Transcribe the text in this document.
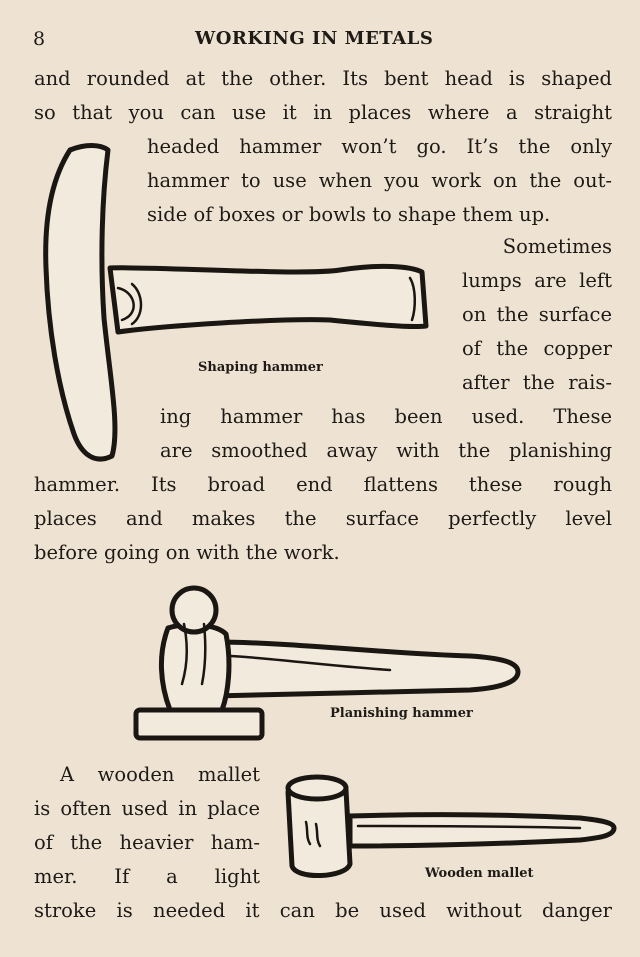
8	WORKING IN METALS
and rounded at the other. Its bent head is shaped
so that you can use it in places where a straight
headed hammer won’t go. It’s the only
hammer to use when you work on the out-
side of boxes or bowls to shape them up.
Sometimes
lumps are left
on the surface
of the copper
after the rais-
ing hammer has been used. These
are smoothed away with the planishing
hammer. Its broad end flattens these rough
places and makes the surface perfectly level
before going on with the work.
A wooden mallet
is often used in place
of the heavier ham-
mer. If a light
stroke is needed it can be used without danger
Shaping hammer
Planishing hammer
Wooden mallet
